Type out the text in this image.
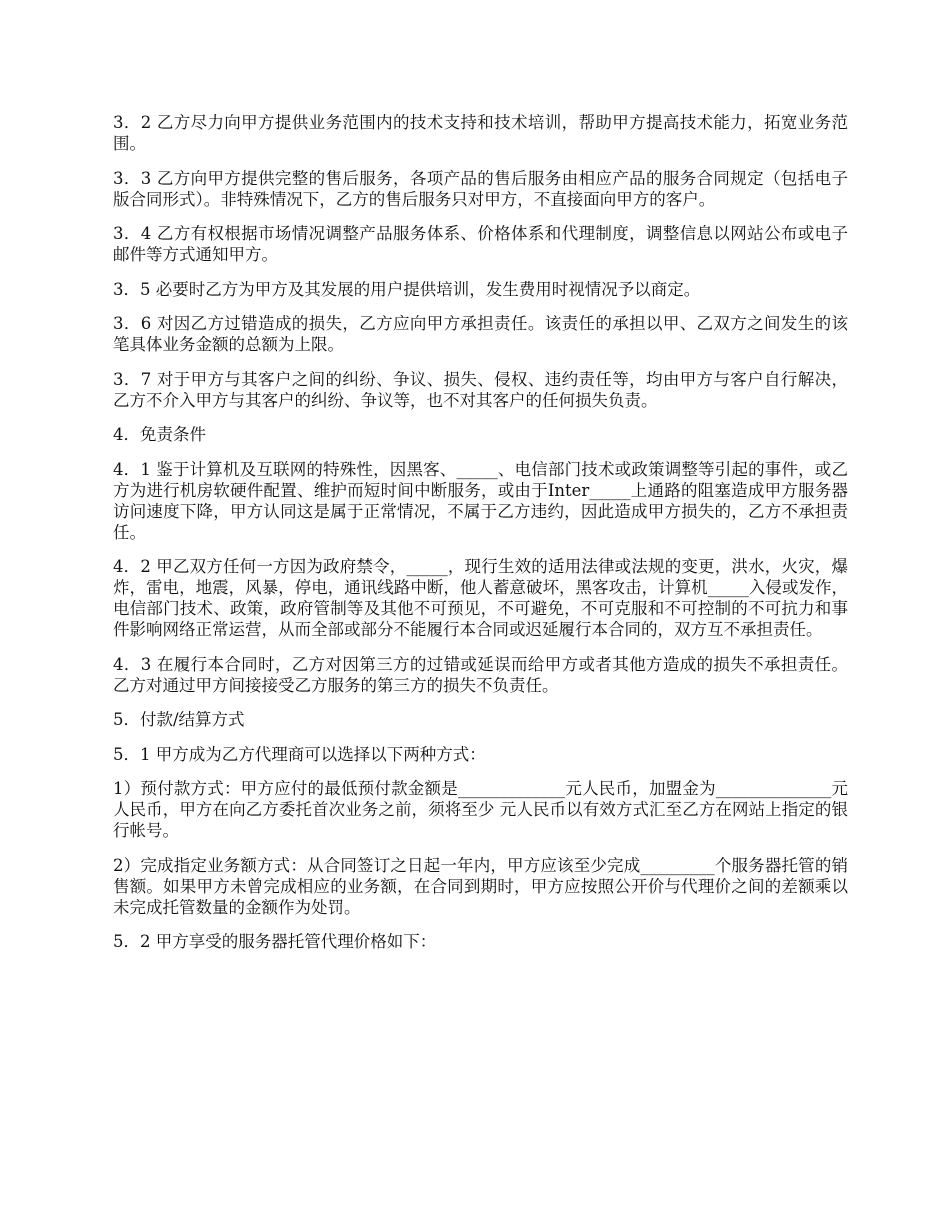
3．2 乙方尽力向甲方提供业务范围内的技术支持和技术培训，帮助甲方提高技术能力，拓宽业务范围。

3．3 乙方向甲方提供完整的售后服务，各项产品的售后服务由相应产品的服务合同规定（包括电子版合同形式）。非特殊情况下，乙方的售后服务只对甲方，不直接面向甲方的客户。

3．4 乙方有权根据市场情况调整产品服务体系、价格体系和代理制度，调整信息以网站公布或电子邮件等方式通知甲方。

3．5 必要时乙方为甲方及其发展的用户提供培训，发生费用时视情况予以商定。

3．6 对因乙方过错造成的损失，乙方应向甲方承担责任。该责任的承担以甲、乙双方之间发生的该笔具体业务金额的总额为上限。

3．7 对于甲方与其客户之间的纠纷、争议、损失、侵权、违约责任等，均由甲方与客户自行解决，乙方不介入甲方与其客户的纠纷、争议等，也不对其客户的任何损失负责。

4．免责条件

4．1 鉴于计算机及互联网的特殊性，因黑客、_____、电信部门技术或政策调整等引起的事件，或乙方为进行机房软硬件配置、维护而短时间中断服务，或由于Inter_____上通路的阻塞造成甲方服务器访问速度下降，甲方认同这是属于正常情况，不属于乙方违约，因此造成甲方损失的，乙方不承担责任。

4．2 甲乙双方任何一方因为政府禁令，_____，现行生效的适用法律或法规的变更，洪水，火灾，爆炸，雷电，地震，风暴，停电，通讯线路中断，他人蓄意破坏，黑客攻击，计算机_____入侵或发作，电信部门技术、政策，政府管制等及其他不可预见，不可避免，不可克服和不可控制的不可抗力和事件影响网络正常运营，从而全部或部分不能履行本合同或迟延履行本合同的，双方互不承担责任。

4．3 在履行本合同时，乙方对因第三方的过错或延误而给甲方或者其他方造成的损失不承担责任。乙方对通过甲方间接接受乙方服务的第三方的损失不负责任。

5．付款/结算方式

5．1 甲方成为乙方代理商可以选择以下两种方式：

1）预付款方式：甲方应付的最低预付款金额是_____________元人民币，加盟金为______________元人民币，甲方在向乙方委托首次业务之前，须将至少 元人民币以有效方式汇至乙方在网站上指定的银行帐号。

2）完成指定业务额方式：从合同签订之日起一年内，甲方应该至少完成_________个服务器托管的销售额。如果甲方未曾完成相应的业务额，在合同到期时，甲方应按照公开价与代理价之间的差额乘以未完成托管数量的金额作为处罚。

5．2 甲方享受的服务器托管代理价格如下：
